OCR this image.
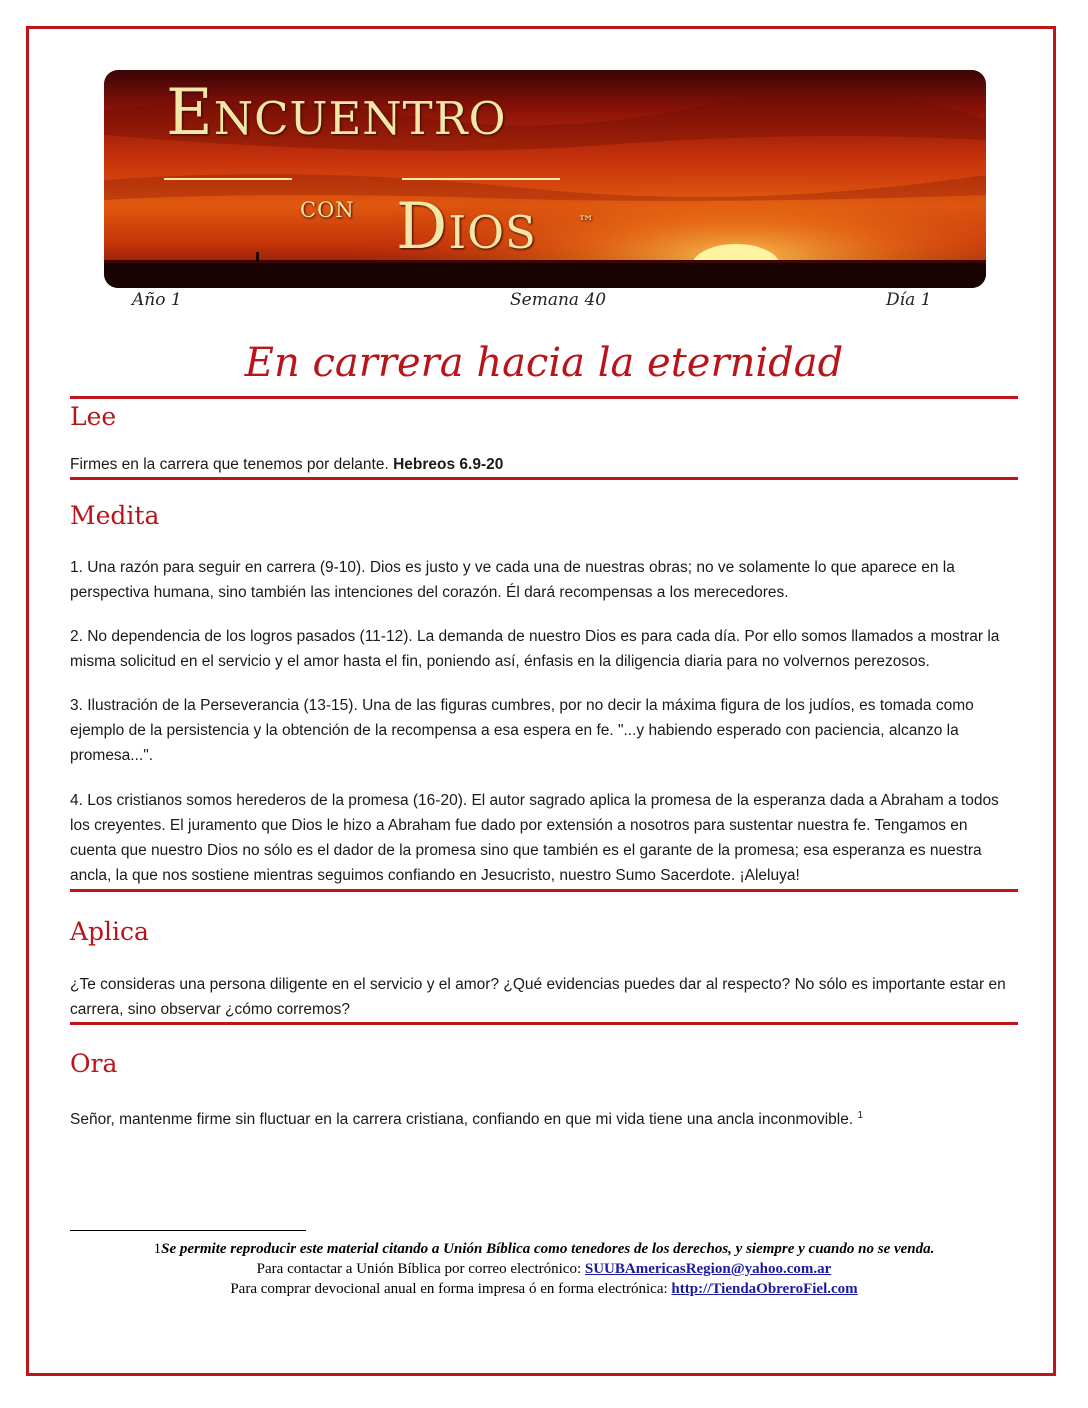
Encuentro
con Dios	™
Año 1	Semana 40	Día 1
En carrera hacia la eternidad
Lee

Firmes en la carrera que tenemos por delante. Hebreos 6.9-20

Medita

1. Una razón para seguir en carrera (9-10). Dios es justo y ve cada una de nuestras obras; no ve solamente lo que aparece en la perspectiva humana, sino también las intenciones del corazón. Él dará recompensas a los merecedores.

2. No dependencia de los logros pasados (11-12). La demanda de nuestro Dios es para cada día. Por ello somos llamados a mostrar la misma solicitud en el servicio y el amor hasta el fin, poniendo así, énfasis en la diligencia diaria para no volvernos perezosos.

3. Ilustración de la Perseverancia (13-15). Una de las figuras cumbres, por no decir la máxima figura de los judíos, es tomada como ejemplo de la persistencia y la obtención de la recompensa a esa espera en fe. "...y habiendo esperado con paciencia, alcanzo la promesa...".

4. Los cristianos somos herederos de la promesa (16-20). El autor sagrado aplica la promesa de la esperanza dada a Abraham a todos los creyentes. El juramento que Dios le hizo a Abraham fue dado por extensión a nosotros para sustentar nuestra fe. Tengamos en cuenta que nuestro Dios no sólo es el dador de la promesa sino que también es el garante de la promesa; esa esperanza es nuestra ancla, la que nos sostiene mientras seguimos confiando en Jesucristo, nuestro Sumo Sacerdote. ¡Aleluya!

Aplica

¿Te consideras una persona diligente en el servicio y el amor? ¿Qué evidencias puedes dar al respecto? No sólo es importante estar en carrera, sino observar ¿cómo corremos?

Ora

Señor, mantenme firme sin fluctuar en la carrera cristiana, confiando en que mi vida tiene una ancla inconmovible. $^1$

1Se permite reproducir este material citando a Unión Bíblica como tenedores de los derechos, y siempre y cuando no se venda.
Para contactar a Unión Bíblica por correo electrónico: SUUBAmericasRegion@yahoo.com.ar
Para comprar devocional anual en forma impresa ó en forma electrónica: http://TiendaObreroFiel.com
